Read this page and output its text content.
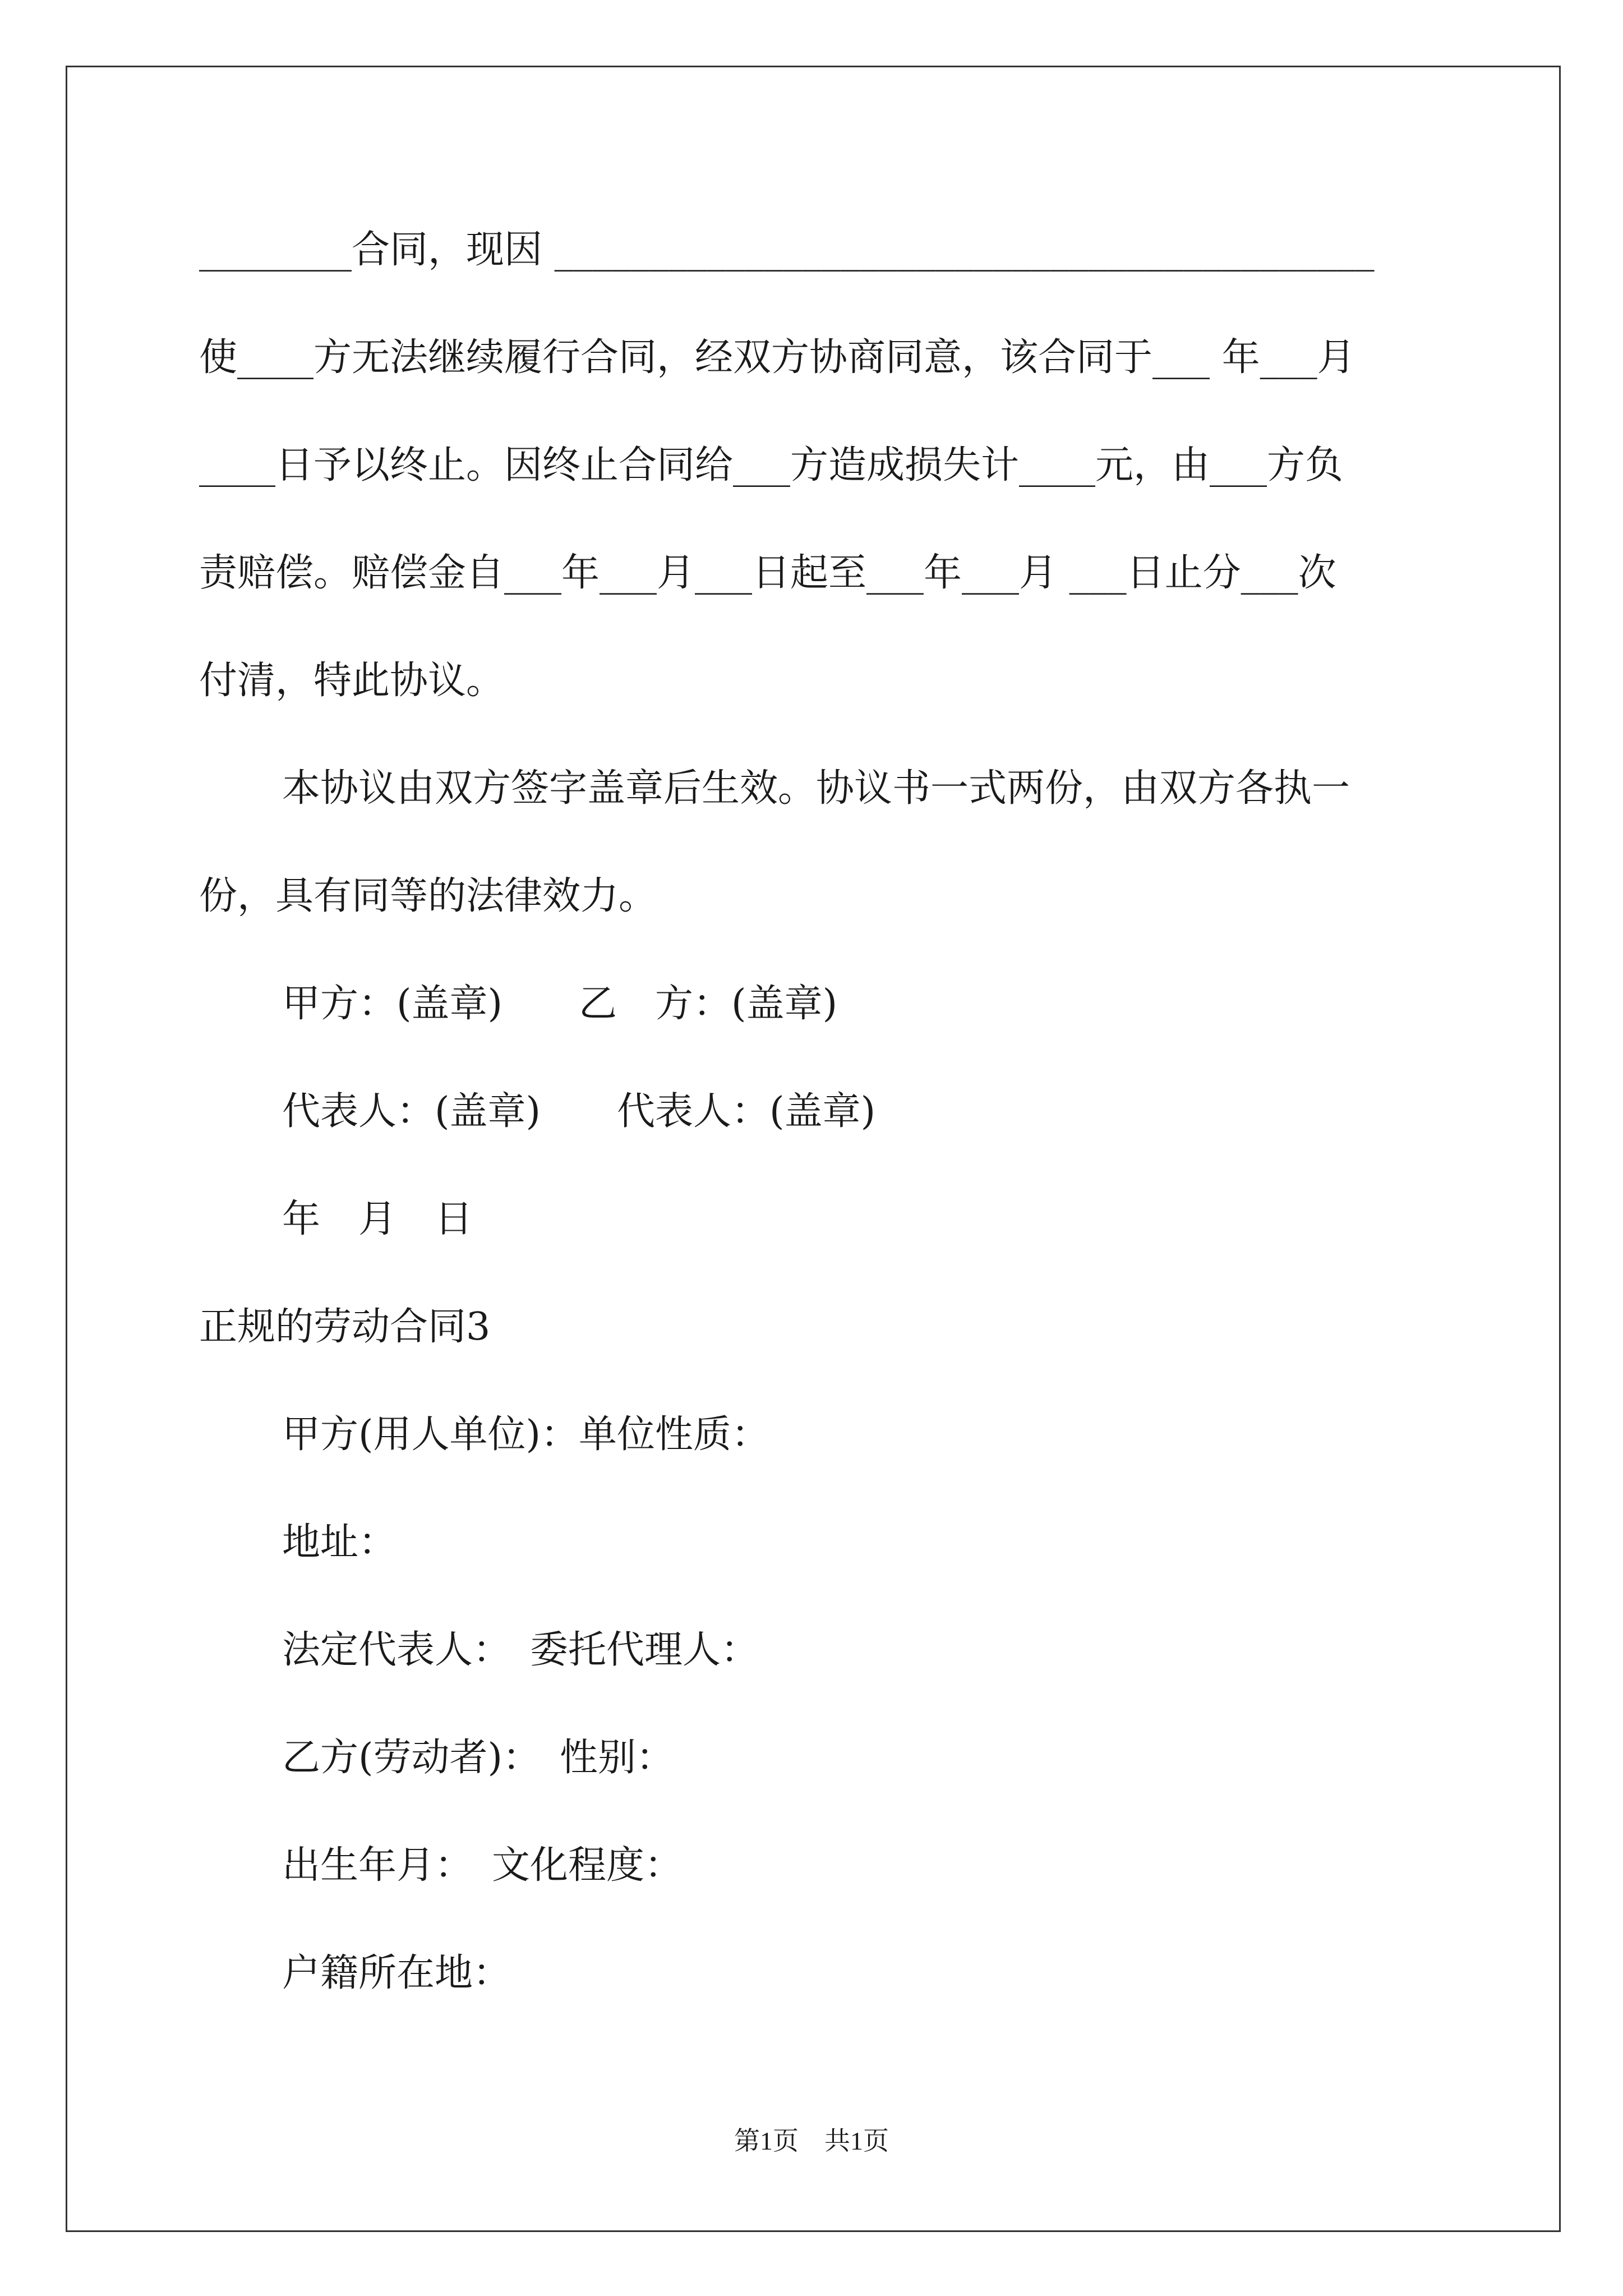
________合同，现因 ___________________________________________

使____方无法继续履行合同，经双方协商同意，该合同于___ 年___月

____日予以终止。因终止合同给___方造成损失计____元，由___方负

责赔偿。赔偿金自___年___月___日起至___年___月 ___日止分___次

付清，特此协议。

本协议由双方签字盖章后生效。协议书一式两份，由双方各执一

份，具有同等的法律效力。

甲方：(盖章)　　乙　方：(盖章)

代表人：(盖章)　　代表人：(盖章)

年　月　日

正规的劳动合同3

甲方(用人单位)：单位性质：

地址：

法定代表人：　委托代理人：

乙方(劳动者)：　性别：

出生年月：　文化程度：

户籍所在地：

第1页　共1页
